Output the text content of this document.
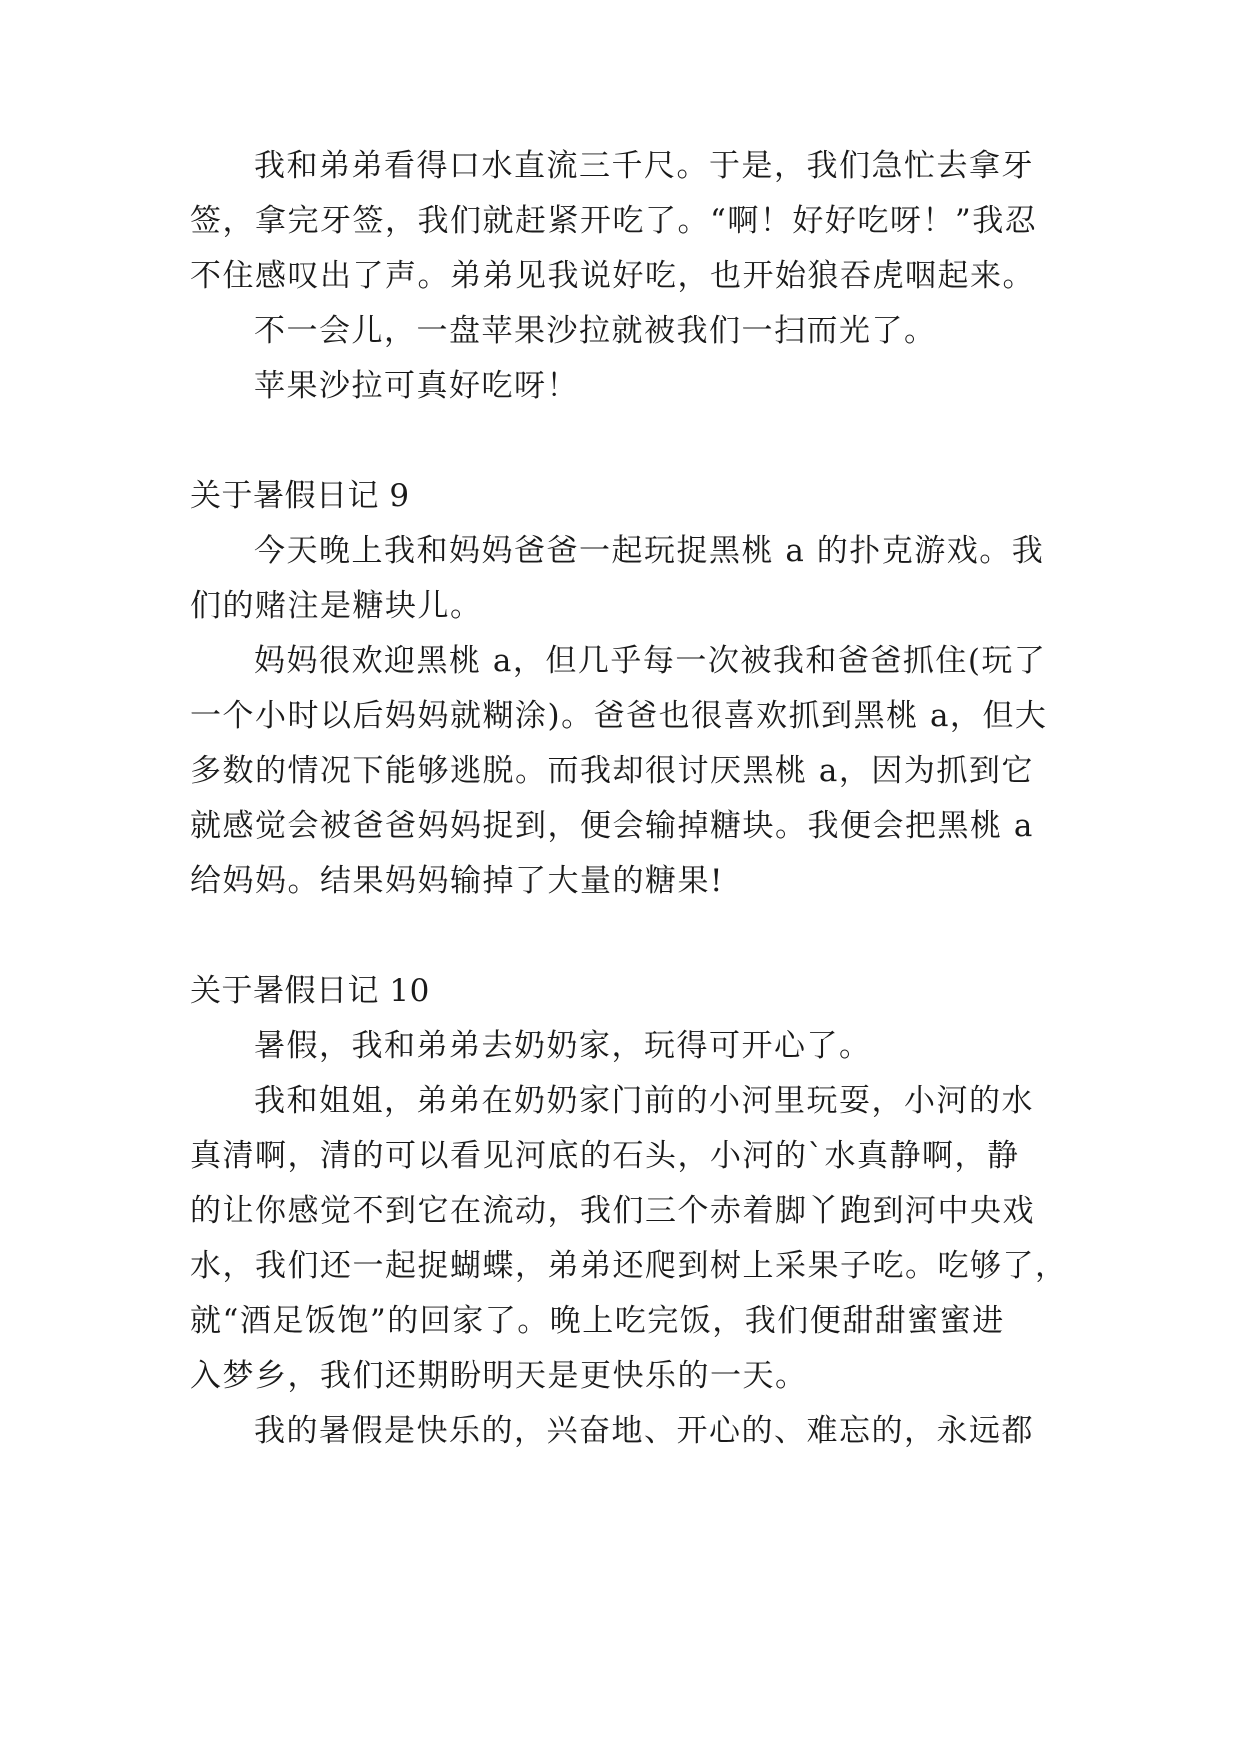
我和弟弟看得口水直流三千尺。于是，我们急忙去拿牙
签，拿完牙签，我们就赶紧开吃了。“啊！好好吃呀！”我忍
不住感叹出了声。弟弟见我说好吃，也开始狼吞虎咽起来。
不一会儿，一盘苹果沙拉就被我们一扫而光了。
苹果沙拉可真好吃呀！
关于暑假日记 9
今天晚上我和妈妈爸爸一起玩捉黑桃 a 的扑克游戏。我
们的赌注是糖块儿。
妈妈很欢迎黑桃 a，但几乎每一次被我和爸爸抓住(玩了
一个小时以后妈妈就糊涂)。爸爸也很喜欢抓到黑桃 a，但大
多数的情况下能够逃脱。而我却很讨厌黑桃 a，因为抓到它
就感觉会被爸爸妈妈捉到，便会输掉糖块。我便会把黑桃 a
给妈妈。结果妈妈输掉了大量的糖果!
关于暑假日记 10
暑假，我和弟弟去奶奶家，玩得可开心了。
我和姐姐，弟弟在奶奶家门前的小河里玩耍，小河的水
真清啊，清的可以看见河底的石头，小河的`水真静啊，静
的让你感觉不到它在流动，我们三个赤着脚丫跑到河中央戏
水，我们还一起捉蝴蝶，弟弟还爬到树上采果子吃。吃够了，
就“酒足饭饱”的回家了。晚上吃完饭，我们便甜甜蜜蜜进
入梦乡，我们还期盼明天是更快乐的一天。
我的暑假是快乐的，兴奋地、开心的、难忘的，永远都
